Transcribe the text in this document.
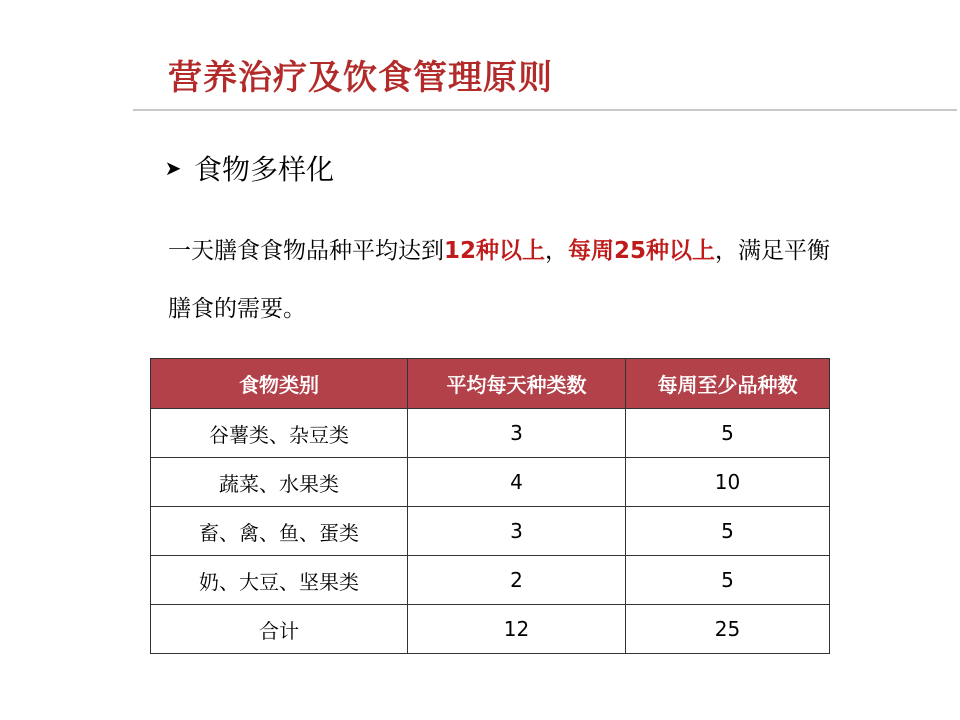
营养治疗及饮食管理原则
➤ 食物多样化
一天膳食食物品种平均达到12种以上，每周25种以上，满足平衡膳食的需要。
食物类别	平均每天种类数	每周至少品种数
谷薯类、杂豆类	3	5
蔬菜、水果类	4	10
畜、禽、鱼、蛋类	3	5
奶、大豆、坚果类	2	5
合计	12	25
